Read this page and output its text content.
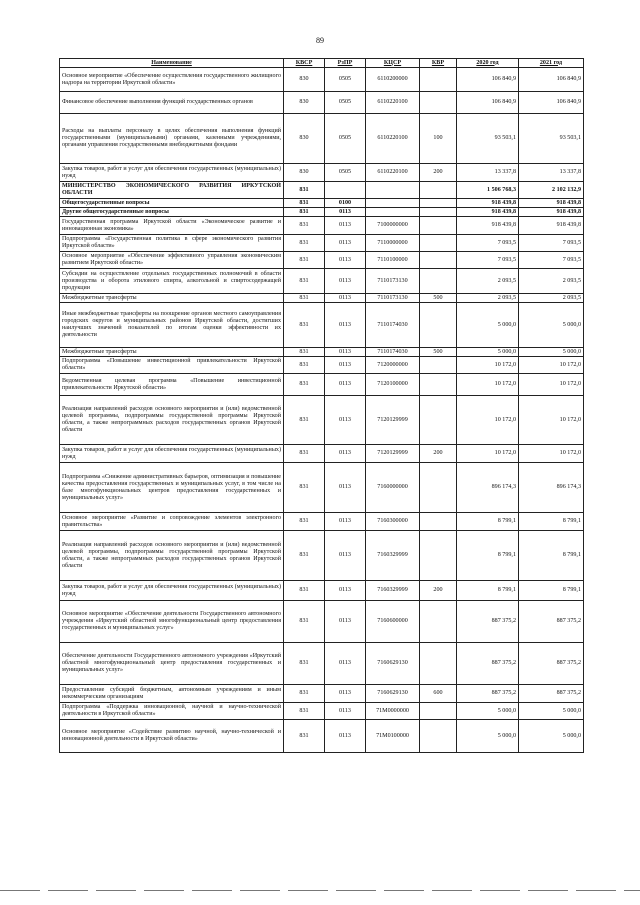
89
Наименование	КВСР	РзПР	КЦСР	КВР	2020 год	2021 год
Основное мероприятие «Обеспечение осуществления государственного жилищного надзора на территории Иркутской области»	830	0505	6110200000		106 840,9	106 840,9
Финансовое обеспечение выполнения функций государственных органов	830	0505	6110220100		106 840,9	106 840,9
Расходы на выплаты персоналу в целях обеспечения выполнения функций государственными (муниципальными) органами, казенными учреждениями, органами управления государственными внебюджетными фондами	830	0505	6110220100	100	93 503,1	93 503,1
Закупка товаров, работ и услуг для обеспечения государственных (муниципальных) нужд	830	0505	6110220100	200	13 337,8	13 337,8
МИНИСТЕРСТВО ЭКОНОМИЧЕСКОГО РАЗВИТИЯ ИРКУТСКОЙ ОБЛАСТИ	831				1 506 768,3	2 102 132,9
Общегосударственные вопросы	831	0100			918 439,8	918 439,8
Другие общегосударственные вопросы	831	0113			918 439,8	918 439,8
Государственная программа Иркутской области «Экономическое развитие и инновационная экономика»	831	0113	7100000000		918 439,8	918 439,8
Подпрограмма «Государственная политика в сфере экономического развития Иркутской области»	831	0113	7110000000		7 093,5	7 093,5
Основное мероприятие «Обеспечение эффективного управления экономическим развитием Иркутской области»	831	0113	7110100000		7 093,5	7 093,5
Субсидии на осуществление отдельных государственных полномочий в области производства и оборота этилового спирта, алкогольной и спиртосодержащей продукции	831	0113	7110173130		2 093,5	2 093,5
Межбюджетные трансферты	831	0113	7110173130	500	2 093,5	2 093,5
Иные межбюджетные трансферты на поощрение органов местного самоуправления городских округов и муниципальных районов Иркутской области, достигших наилучших значений показателей по итогам оценки эффективности их деятельности	831	0113	7110174030		5 000,0	5 000,0
Межбюджетные трансферты	831	0113	7110174030	500	5 000,0	5 000,0
Подпрограмма «Повышение инвестиционной привлекательности Иркутской области»	831	0113	7120000000		10 172,0	10 172,0
Ведомственная целевая программа «Повышение инвестиционной привлекательности Иркутской области»	831	0113	7120100000		10 172,0	10 172,0
Реализация направлений расходов основного мероприятия и (или) ведомственной целевой программы, подпрограммы государственной программы Иркутской области, а также непрограммных расходов государственных органов Иркутской области	831	0113	7120129999		10 172,0	10 172,0
Закупка товаров, работ и услуг для обеспечения государственных (муниципальных) нужд	831	0113	7120129999	200	10 172,0	10 172,0
Подпрограмма «Снижение административных барьеров, оптимизация и повышение качества предоставления государственных и муниципальных услуг, в том числе на базе многофункциональных центров предоставления государственных и муниципальных услуг»	831	0113	7160000000		896 174,3	896 174,3
Основное мероприятие «Развитие и сопровождение элементов электронного правительства»	831	0113	7160300000		8 799,1	8 799,1
Реализация направлений расходов основного мероприятия и (или) ведомственной целевой программы, подпрограммы государственной программы Иркутской области, а также непрограммных расходов государственных органов Иркутской области	831	0113	7160329999		8 799,1	8 799,1
Закупка товаров, работ и услуг для обеспечения государственных (муниципальных) нужд	831	0113	7160329999	200	8 799,1	8 799,1
Основное мероприятие «Обеспечение деятельности Государственного автономного учреждения «Иркутский областной многофункциональный центр предоставления государственных и муниципальных услуг»	831	0113	7160600000		887 375,2	887 375,2
Обеспечение деятельности Государственного автономного учреждения «Иркутский областной многофункциональный центр предоставления государственных и муниципальных услуг»	831	0113	7160629130		887 375,2	887 375,2
Предоставление субсидий бюджетным, автономным учреждениям и иным некоммерческим организациям	831	0113	7160629130	600	887 375,2	887 375,2
Подпрограмма «Поддержка инновационной, научной и научно-технической деятельности в Иркутской области»	831	0113	71М0000000		5 000,0	5 000,0
Основное мероприятие «Содействие развитию научной, научно-технической и инновационной деятельности в Иркутской области»	831	0113	71М0100000		5 000,0	5 000,0
